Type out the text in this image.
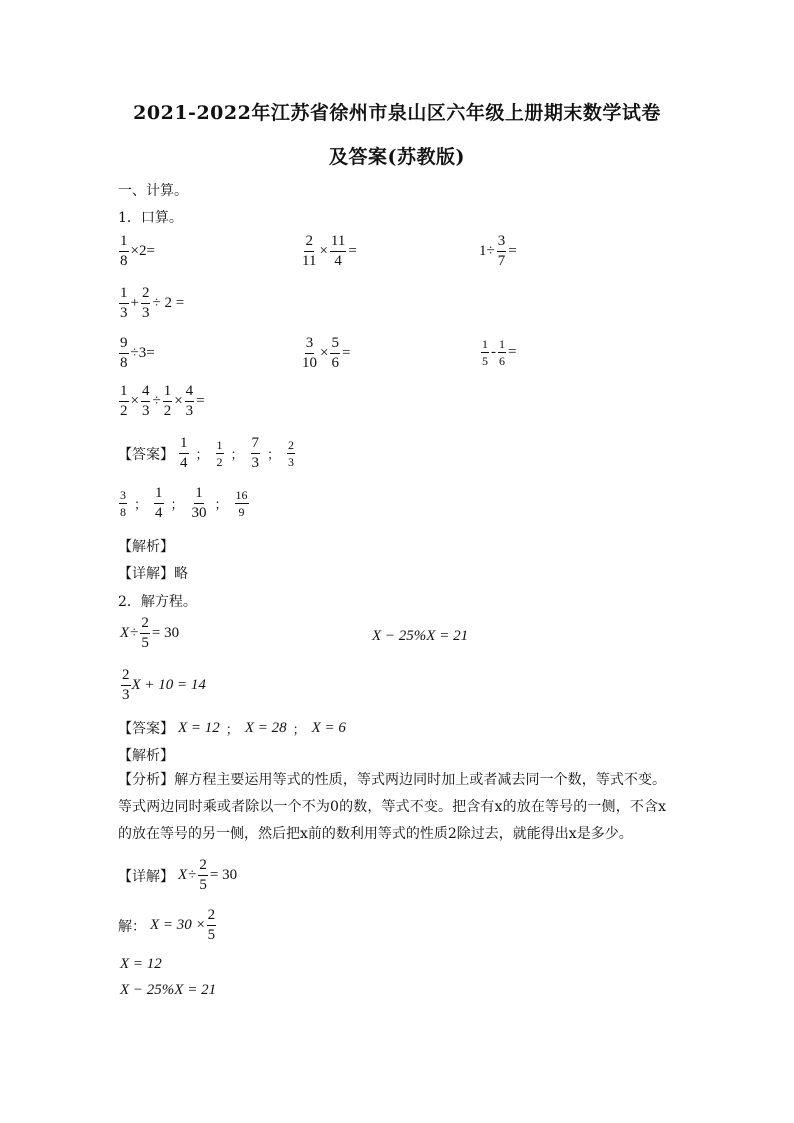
2021-2022年江苏省徐州市泉山区六年级上册期末数学试卷
及答案(苏教版)
一、计算。
1．口算。
$\frac{1}{8} \times 2=$	$\frac{2}{11} \times \frac{11}{4}$ =	$1\div \frac{3}{7}$ =
$\frac{1}{3} + \frac{2}{3} \div 2$ =
$\frac{9}{8} \div 3=$	$\frac{3}{10} \times \frac{5}{6}$ =	$\frac{1}{5} - \frac{1}{6}$ =
$\frac{1}{2} \times \frac{4}{3} \div \frac{1}{2} \times \frac{4}{3}$ =
【答案】 $\frac{1}{4}$ ； $\frac{1}{2}$ ； $\frac{7}{3}$ ； $\frac{2}{3}$
$\frac{3}{8}$ ； $\frac{1}{4}$ ； $\frac{1}{30}$ ； $\frac{16}{9}$
【解析】
【详解】略
2．解方程。
$X \div \frac{2}{5} = 30$	X − 25%X = 21
$\frac{2}{3}$ X + 10 = 14
【答案】 X = 12 ； X = 28 ； X = 6
【解析】
【分析】解方程主要运用等式的性质，等式两边同时加上或者减去同一个数，等式不变。等式两边同时乘或者除以一个不为0的数，等式不变。把含有x的放在等号的一侧，不含x的放在等号的另一侧，然后把x前的数利用等式的性质2除过去，就能得出x是多少。
【详解】 $X \div \frac{2}{5} = 30$
解： $X = 30 \times \frac{2}{5}$
X = 12
X − 25%X = 21
